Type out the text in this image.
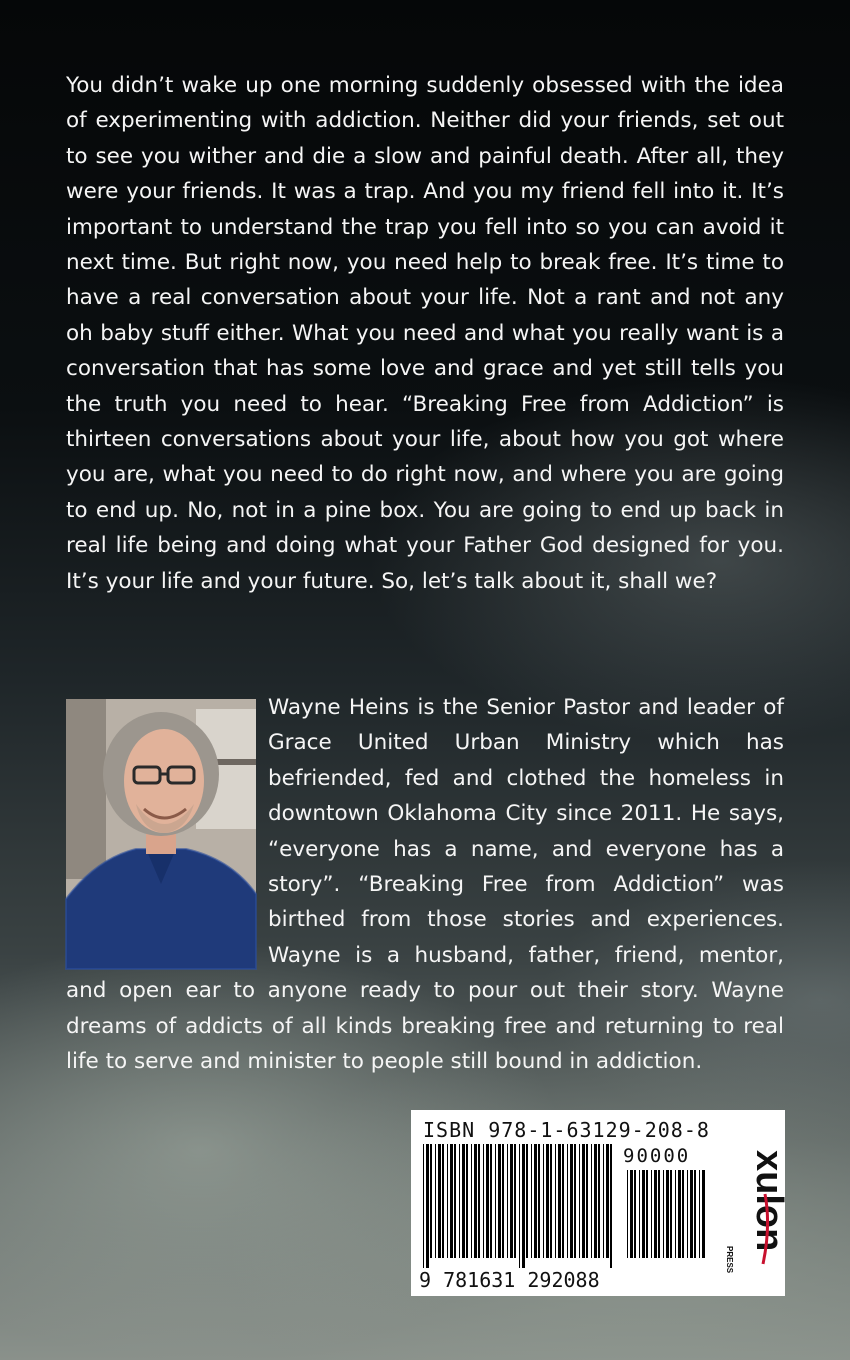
You didn’t wake up one morning suddenly obsessed with the idea of experimenting with addiction. Neither did your friends, set out to see you wither and die a slow and painful death. After all, they were your friends. It was a trap. And you my friend fell into it. It’s important to understand the trap you fell into so you can avoid it next time. But right now, you need help to break free. It’s time to have a real conversation about your life. Not a rant and not any oh baby stuff either. What you need and what you really want is a conversation that has some love and grace and yet still tells you the truth you need to hear. “Breaking Free from Addiction” is thirteen conversations about your life, about how you got where you are, what you need to do right now, and where you are going to end up. No, not in a pine box. You are going to end up back in real life being and doing what your Father God designed for you. It’s your life and your future. So, let’s talk about it, shall we?

Wayne Heins is the Senior Pastor and leader of Grace United Urban Ministry which has befriended, fed and clothed the homeless in downtown Oklahoma City since 2011. He says, “everyone has a name, and everyone has a story”. “Breaking Free from Addiction” was birthed from those stories and experiences. Wayne is a husband, father, friend, mentor, and open ear to anyone ready to pour out their story. Wayne dreams of addicts of all kinds breaking free and returning to real life to serve and minister to people still bound in addiction.
ISBN 978-1-63129-208-8
90000
9 781631 292088
xulon
PRESS
